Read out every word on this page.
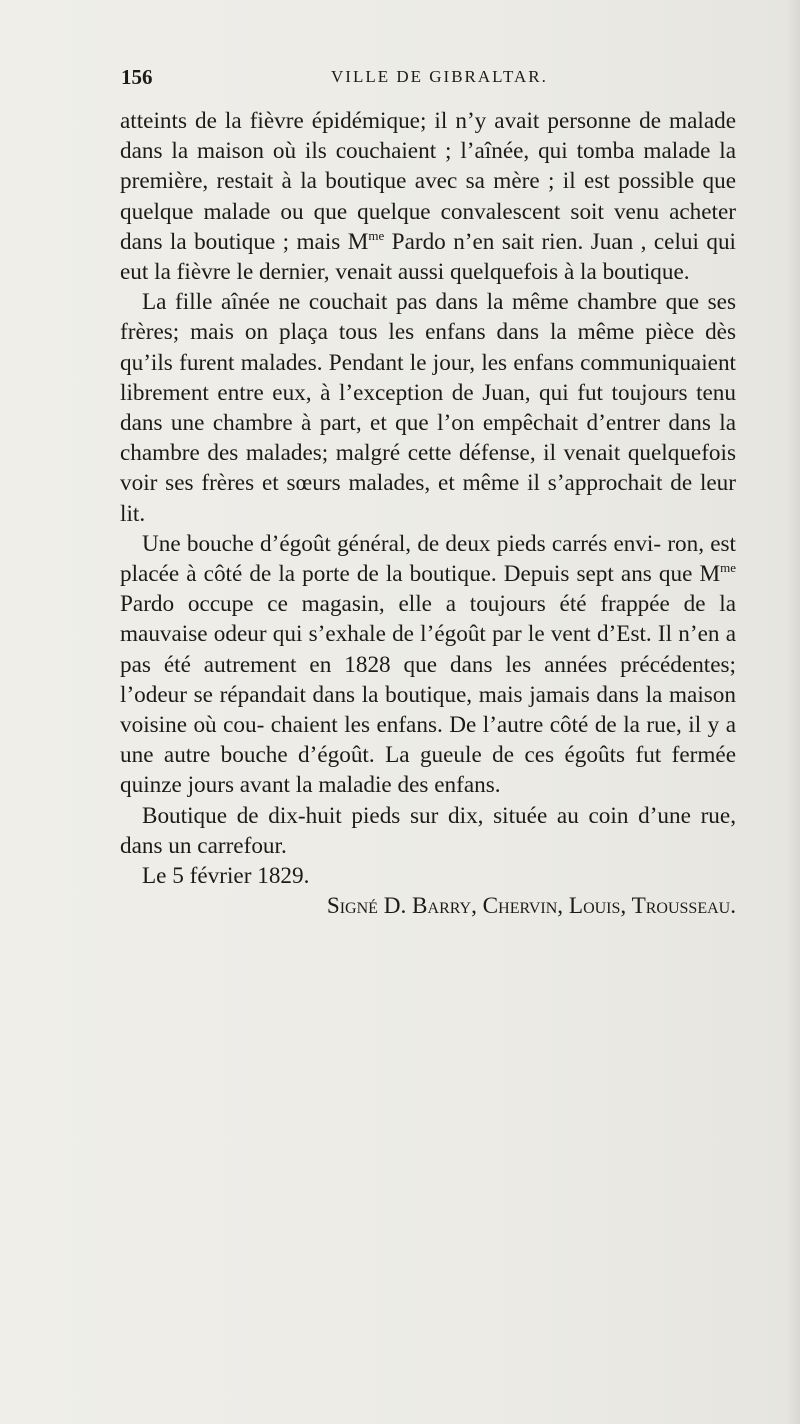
156	VILLE DE GIBRALTAR.

atteints de la fièvre épidémique; il n’y avait personne de malade dans la maison où ils couchaient ; l’aînée, qui tomba malade la première, restait à la boutique avec sa mère ; il est possible que quelque malade ou que quelque convalescent soit venu acheter dans la boutique ; mais $M^{me}$ Pardo n’en sait rien. Juan , celui qui eut la fièvre le dernier, venait aussi quelquefois à la boutique.

La fille aînée ne couchait pas dans la même chambre que ses frères; mais on plaça tous les enfans dans la même pièce dès qu’ils furent malades. Pendant le jour, les enfans communiquaient librement entre eux, à l’exception de Juan, qui fut toujours tenu dans une chambre à part, et que l’on empêchait d’entrer dans la chambre des malades; malgré cette défense, il venait quelquefois voir ses frères et sœurs malades, et même il s’approchait de leur lit.

Une bouche d’égoût général, de deux pieds carrés envi- ron, est placée à côté de la porte de la boutique. Depuis sept ans que $M^{me}$ Pardo occupe ce magasin, elle a toujours été frappée de la mauvaise odeur qui s’exhale de l’égoût par le vent d’Est. Il n’en a pas été autrement en 1828 que dans les années précédentes; l’odeur se répandait dans la boutique, mais jamais dans la maison voisine où cou- chaient les enfans. De l’autre côté de la rue, il y a une autre bouche d’égoût. La gueule de ces égoûts fut fermée quinze jours avant la maladie des enfans.

Boutique de dix-huit pieds sur dix, située au coin d’une rue, dans un carrefour.

Le 5 février 1829.

Signé D. Barry, Chervin, Louis, Trousseau.
